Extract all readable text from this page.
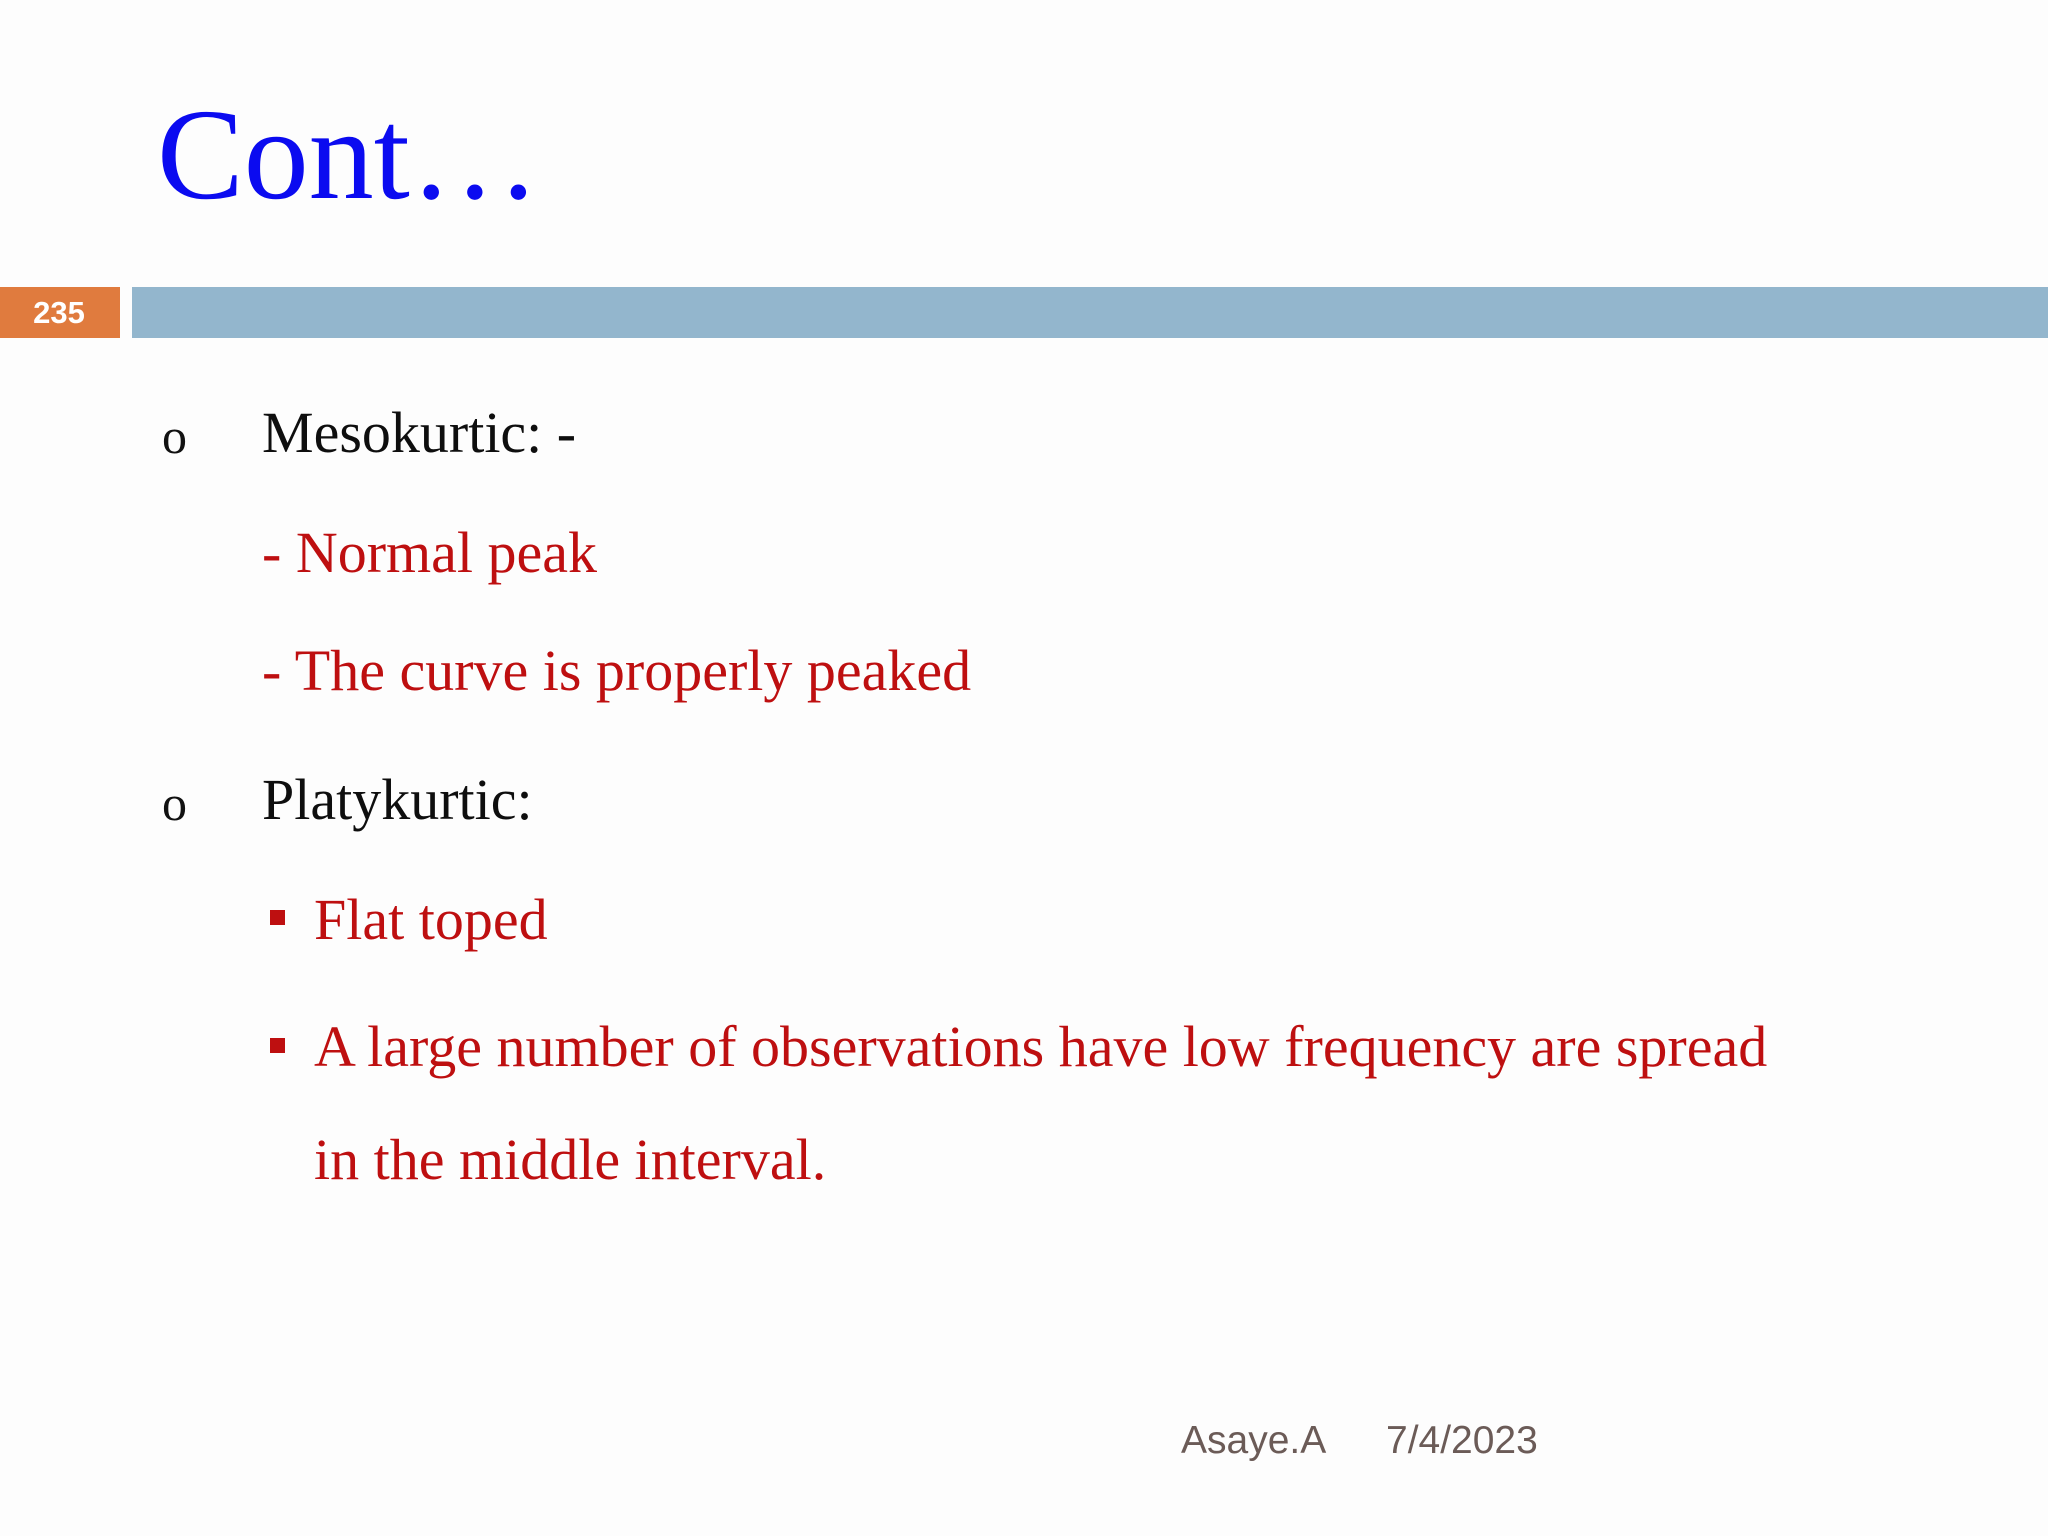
Cont…
235
o Mesokurtic: -
- Normal peak
- The curve is properly peaked
o Platykurtic:
Flat toped
A large number of observations have low frequency are spread
in the middle interval.
Asaye.A 7/4/2023
